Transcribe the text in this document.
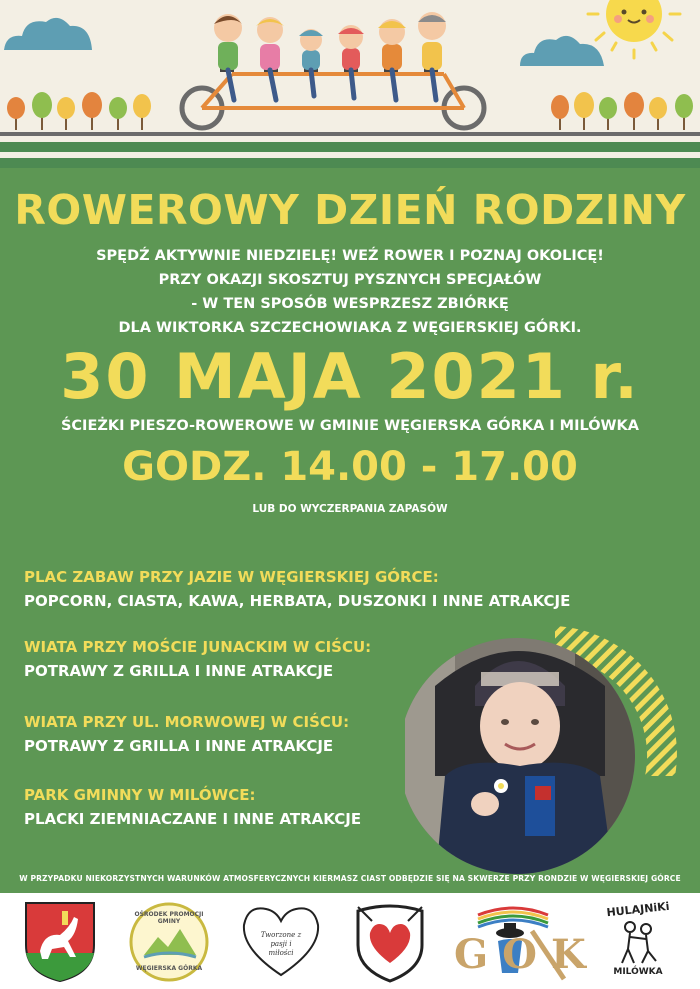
ROWEROWY DZIEŃ RODZINY
SPĘDŹ AKTYWNIE NIEDZIELĘ! WEŹ ROWER I POZNAJ OKOLICĘ!
PRZY OKAZJI SKOSZTUJ PYSZNYCH SPECJAŁÓW
- W TEN SPOSÓB WESPRZESZ ZBIÓRKĘ
DLA WIKTORKA SZCZECHOWIAKA Z WĘGIERSKIEJ GÓRKI.
30 MAJA 2021 r.
ŚCIEŻKI PIESZO-ROWEROWE W GMINIE WĘGIERSKA GÓRKA I MILÓWKA
GODZ. 14.00 - 17.00
LUB DO WYCZERPANIA ZAPASÓW
PLAC ZABAW PRZY JAZIE W WĘGIERSKIEJ GÓRCE:
POPCORN, CIASTA, KAWA, HERBATA, DUSZONKI I INNE ATRAKCJE
WIATA PRZY MOŚCIE JUNACKIM W CIŚCU:
POTRAWY Z GRILLA I INNE ATRAKCJE
WIATA PRZY UL. MORWOWEJ W CIŚCU:
POTRAWY Z GRILLA I INNE ATRAKCJE
PARK GMINNY W MILÓWCE:
PLACKI ZIEMNIACZANE I INNE ATRAKCJE
W PRZYPADKU NIEKORZYSTNYCH WARUNKÓW ATMOSFERYCZNYCH KIERMASZ CIAST ODBĘDZIE SIĘ NA SKWERZE PRZY RONDZIE W WĘGIERSKIEJ GÓRCE
OŚRODEK PROMOCJI GMINY
WĘGIERSKA GÓRKA
Tworzone z pasji i miłości	GOK
HULAJNiKi
MILÓWKA
